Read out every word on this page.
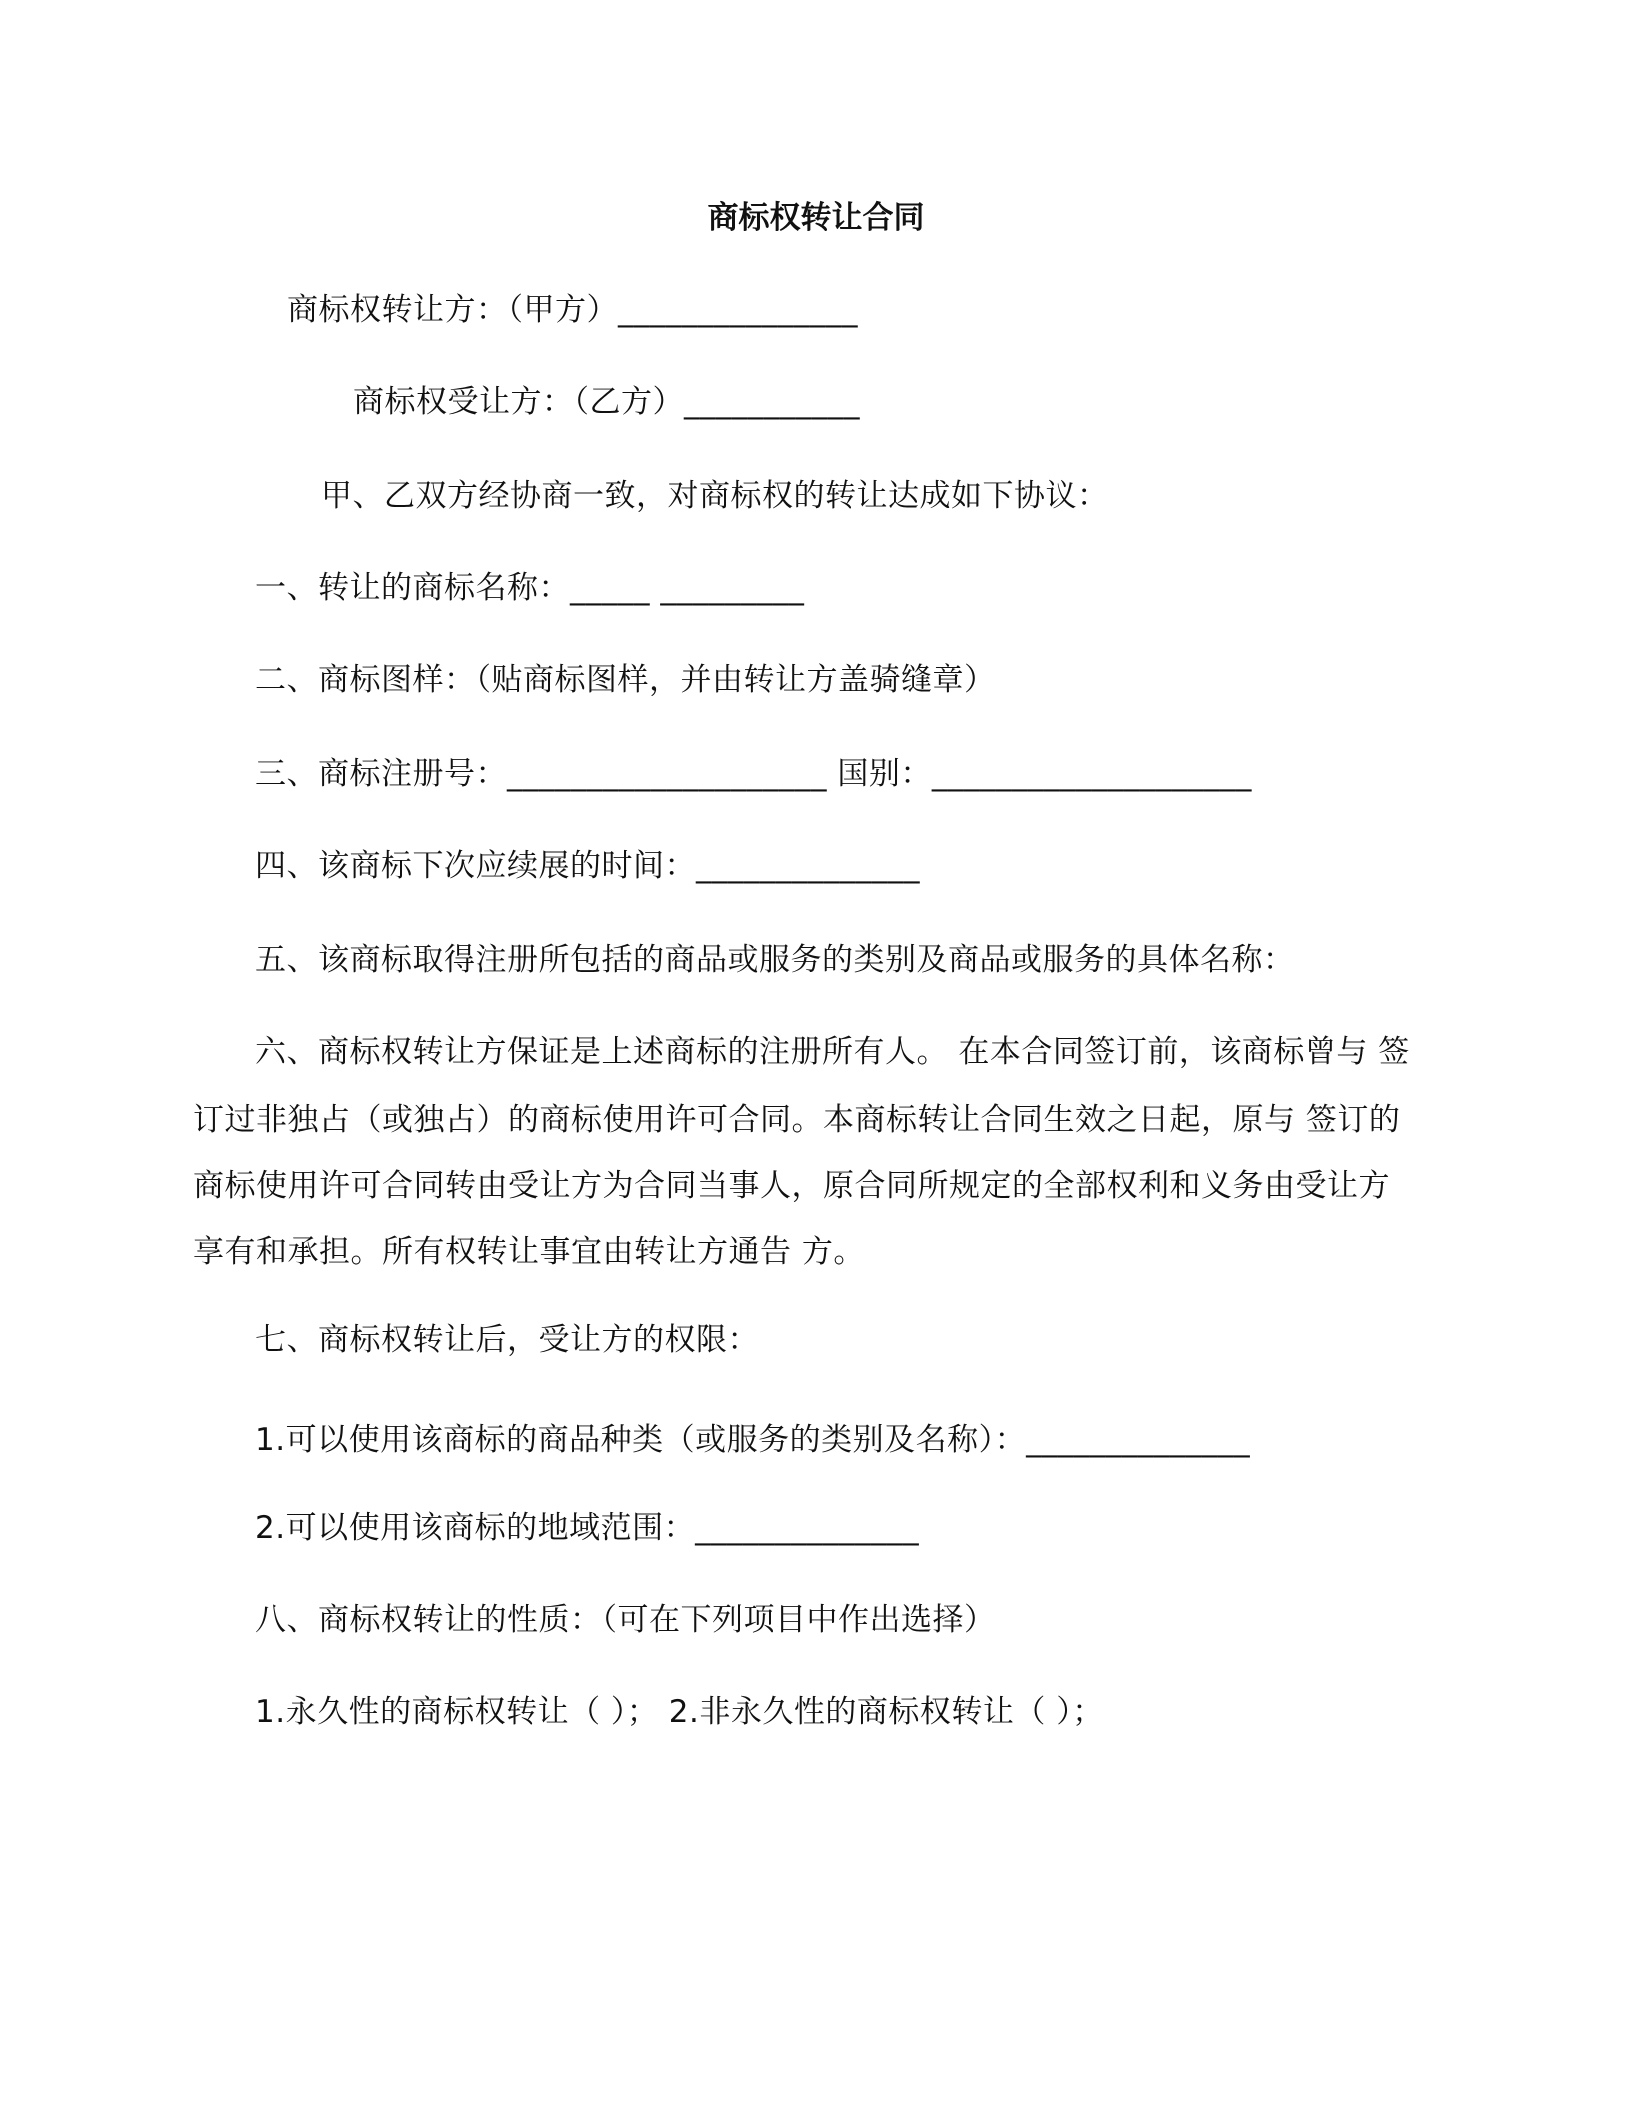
商标权转让合同
商标权转让方：（甲方）_______________
商标权受让方：（乙方）___________
甲、乙双方经协商一致，对商标权的转让达成如下协议：
一、转让的商标名称：_____ _________
二、商标图样：（贴商标图样，并由转让方盖骑缝章）
三、商标注册号：____________________ 国别：____________________
四、该商标下次应续展的时间：______________
五、该商标取得注册所包括的商品或服务的类别及商品或服务的具体名称：
六、商标权转让方保证是上述商标的注册所有人。 在本合同签订前，该商标曾与 签
订过非独占（或独占）的商标使用许可合同。本商标转让合同生效之日起，原与 签订的
商标使用许可合同转由受让方为合同当事人，原合同所规定的全部权利和义务由受让方
享有和承担。所有权转让事宜由转让方通告 方。
七、商标权转让后，受让方的权限：
1.可以使用该商标的商品种类（或服务的类别及名称）：______________
2.可以使用该商标的地域范围：______________
八、商标权转让的性质：（可在下列项目中作出选择）
1.永久性的商标权转让（ ）； 2.非永久性的商标权转让（ ）；
